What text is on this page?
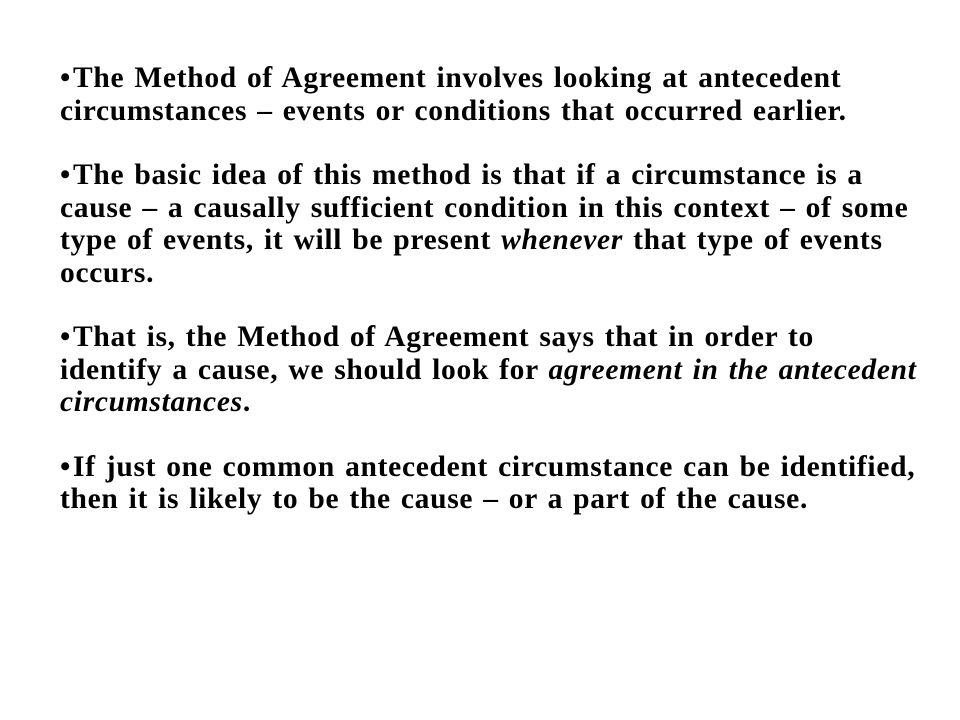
•The Method of Agreement involves looking at antecedent circumstances – events or conditions that occurred earlier.
•The basic idea of this method is that if a circumstance is a cause – a causally sufficient condition in this context – of some type of events, it will be present whenever that type of events occurs.
•That is, the Method of Agreement says that in order to identify a cause, we should look for agreement in the antecedent circumstances.
•If just one common antecedent circumstance can be identified, then it is likely to be the cause – or a part of the cause.
